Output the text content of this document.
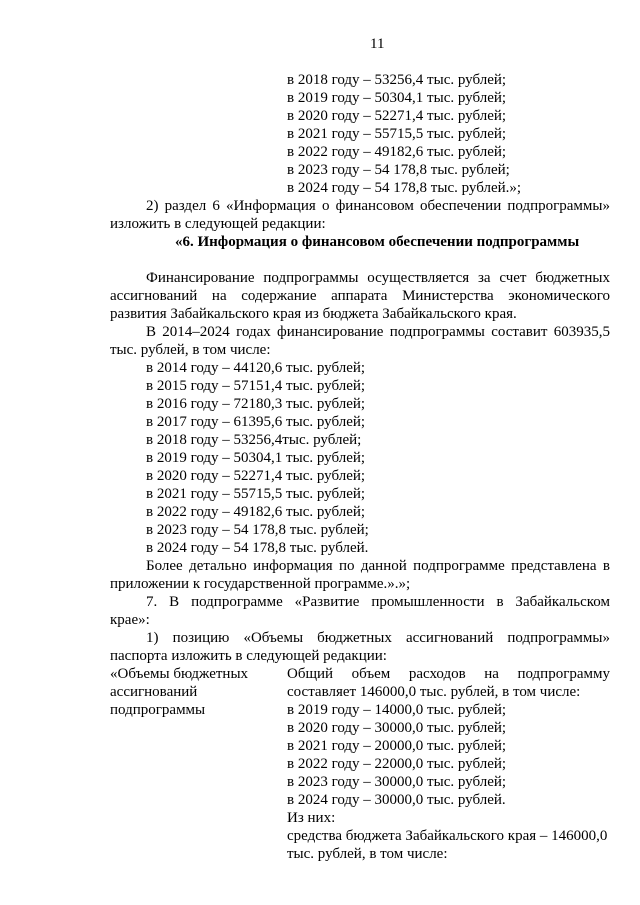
11
в 2018 году – 53256,4 тыс. рублей;
в 2019 году – 50304,1 тыс. рублей;
в 2020 году – 52271,4 тыс. рублей;
в 2021 году – 55715,5 тыс. рублей;
в 2022 году – 49182,6 тыс. рублей;
в 2023 году – 54 178,8 тыс. рублей;
в 2024 году – 54 178,8 тыс. рублей.»;
2) раздел 6 «Информация о финансовом обеспечении подпрограммы»
изложить в следующей редакции:
«6. Информация о финансовом обеспечении подпрограммы
Финансирование подпрограммы осуществляется за счет бюджетных
ассигнований на содержание аппарата Министерства экономического
развития Забайкальского края из бюджета Забайкальского края.
В 2014–2024 годах финансирование подпрограммы составит 603935,5
тыс. рублей, в том числе:
в 2014 году – 44120,6 тыс. рублей;
в 2015 году – 57151,4 тыс. рублей;
в 2016 году – 72180,3 тыс. рублей;
в 2017 году – 61395,6 тыс. рублей;
в 2018 году – 53256,4тыс. рублей;
в 2019 году – 50304,1 тыс. рублей;
в 2020 году – 52271,4 тыс. рублей;
в 2021 году – 55715,5 тыс. рублей;
в 2022 году – 49182,6 тыс. рублей;
в 2023 году – 54 178,8 тыс. рублей;
в 2024 году – 54 178,8 тыс. рублей.
Более детально информация по данной подпрограмме представлена в
приложении к государственной программе.».»;
7. В подпрограмме «Развитие промышленности в Забайкальском
крае»:
1) позицию «Объемы бюджетных ассигнований подпрограммы»
паспорта изложить в следующей редакции:
«Объемы бюджетных
ассигнований
подпрограммы
Общий объем расходов на подпрограмму
составляет 146000,0 тыс. рублей, в том числе:
в 2019 году – 14000,0 тыс. рублей;
в 2020 году – 30000,0 тыс. рублей;
в 2021 году – 20000,0 тыс. рублей;
в 2022 году – 22000,0 тыс. рублей;
в 2023 году – 30000,0 тыс. рублей;
в 2024 году – 30000,0 тыс. рублей.
Из них:
средства бюджета Забайкальского края – 146000,0
тыс. рублей, в том числе:
